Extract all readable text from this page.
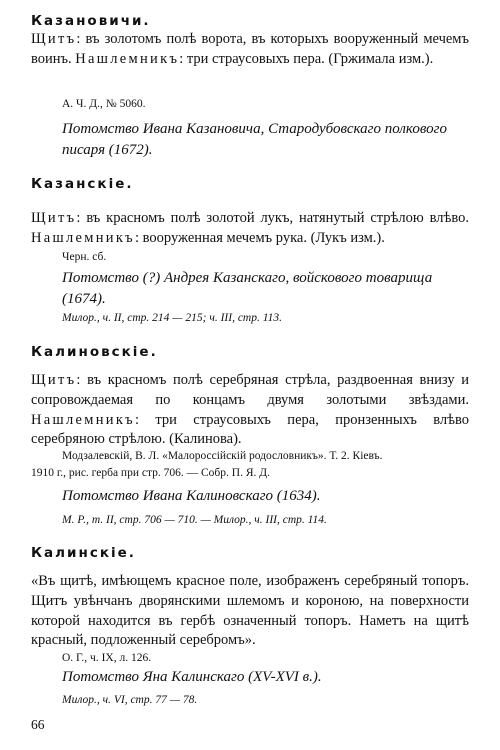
Казановичи.

Щитъ: въ золотомъ полѣ ворота, въ которыхъ вооруженный мечемъ воинъ. Нашлемникъ: три страусовыхъ пера. (Гржимала изм.).

А. Ч. Д., № 5060.

Потомство Ивана Казановича, Стародубовскаго полкового писаря (1672).

Казанскіе.

Щитъ: въ красномъ полѣ золотой лукъ, натянутый стрѣлою влѣво. Нашлемникъ: вооруженная мечемъ рука. (Лукъ изм.).

Черн. сб.

Потомство (?) Андрея Казанскаго, войскового товарища (1674).

Милор., ч. II, стр. 214 — 215; ч. III, стр. 113.
Калиновскіе.

Щитъ: въ красномъ полѣ серебряная стрѣла, раздвоенная внизу и сопровождаемая по концамъ двумя золотыми звѣздами. Нашлемникъ: три страусовыхъ пера, пронзенныхъ влѣво серебряною стрѣлою. (Калинова).

Модзалевскій, В. Л. «Малороссійскій родословникъ». Т. 2. Кіевъ.
1910 г., рис. герба при стр. 706. — Собр. П. Я. Д.

Потомство Ивана Калиновскаго (1634).

М. Р., т. II, стр. 706 — 710. — Милор., ч. III, стр. 114.
Калинскіе.

«Въ щитѣ, имѣющемъ красное поле, изображенъ серебряный топоръ. Щитъ увѣнчанъ дворянскими шлемомъ и короною, на поверхности которой находится въ гербѣ означенный топоръ. Наметъ на щитѣ красный, подложенный серебромъ».

О. Г., ч. IX, л. 126.

Потомство Яна Калинскаго (XV-XVI в.).

Милор., ч. VI, стр. 77 — 78.
66
